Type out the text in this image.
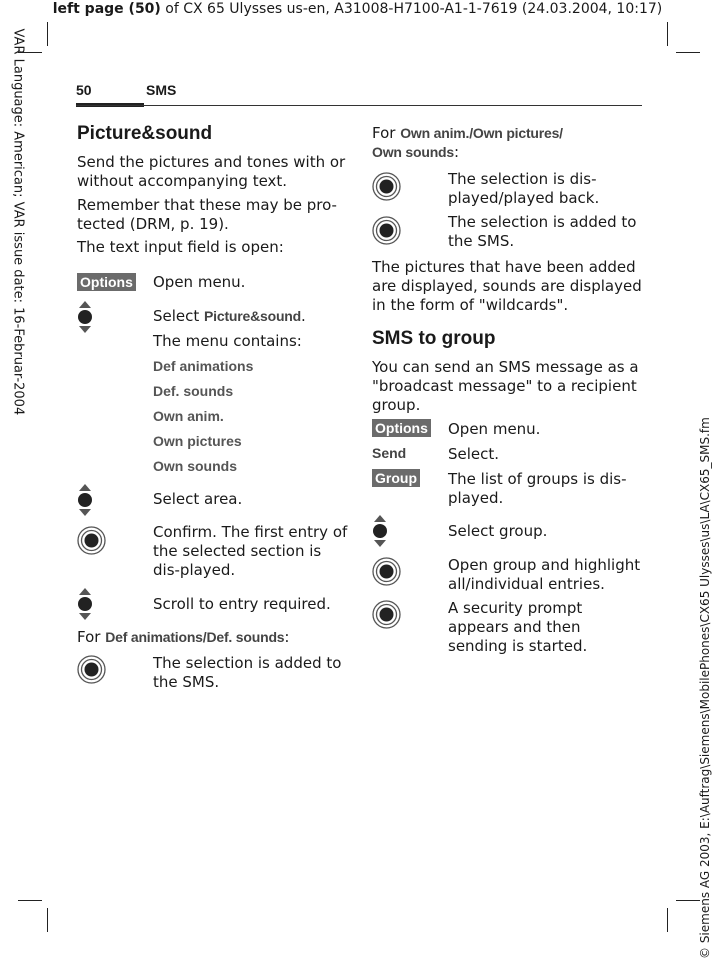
left page (50) of CX 65 Ulysses us-en, A31008-H7100-A1-1-7619 (24.03.2004, 10:17)
VAR Language: American; VAR issue date: 16-Februar-2004
© Siemens AG 2003, E:\Auftrag\Siemens\MobilePhones\CX65 Ulysses\us\LA\CX65_SMS.fm
50	SMS
Picture&sound
Send the pictures and tones with or without accompanying text.
Remember that these may be pro-tected (DRM, p. 19).
The text input field is open:
Options Open menu.
Select Picture&sound.
The menu contains:
Def animations
Def. sounds
Own anim.
Own pictures
Own sounds
Select area.
Confirm. The first entry of the selected section is dis-played.
Scroll to entry required.
For Def animations/Def. sounds:
The selection is added to the SMS.
For Own anim./Own pictures/
Own sounds:
The selection is dis-played/played back.
The selection is added to the SMS.
The pictures that have been added are displayed, sounds are displayed in the form of "wildcards".
SMS to group
You can send an SMS message as a "broadcast message" to a recipient group.
Options Open menu.
Send	Select.
Group The list of groups is dis-played.
Select group.
Open group and highlight all/individual entries.
A security prompt appears and then sending is started.
